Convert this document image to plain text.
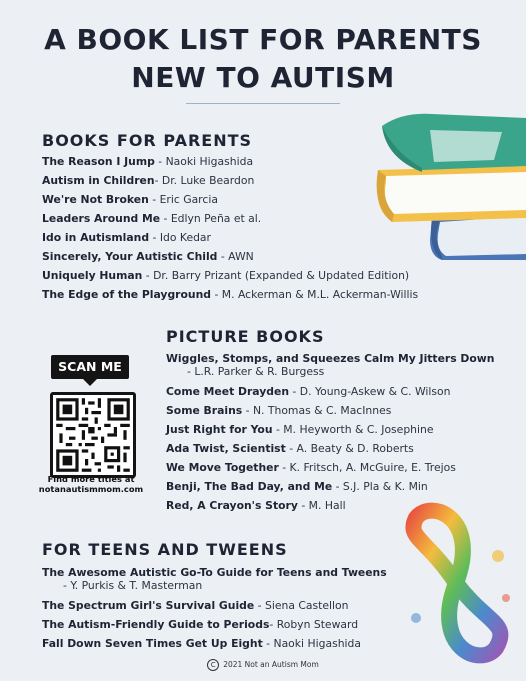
A BOOK LIST FOR PARENTS
NEW TO AUTISM
BOOKS FOR PARENTS
The Reason I Jump - Naoki Higashida
Autism in Children- Dr. Luke Beardon
We're Not Broken - Eric Garcia
Leaders Around Me - Edlyn Peña et al.
Ido in Autismland - Ido Kedar
Sincerely, Your Autistic Child - AWN
Uniquely Human - Dr. Barry Prizant (Expanded & Updated Edition)
The Edge of the Playground - M. Ackerman & M.L. Ackerman-Willis
SCAN ME
Find more titles at
notanautismmom.com
PICTURE BOOKS
Wiggles, Stomps, and Squeezes Calm My Jitters Down
- L.R. Parker & R. Burgess
Come Meet Drayden - D. Young-Askew & C. Wilson
Some Brains - N. Thomas & C. MacInnes
Just Right for You - M. Heyworth & C. Josephine
Ada Twist, Scientist - A. Beaty & D. Roberts
We Move Together - K. Fritsch, A. McGuire, E. Trejos
Benji, The Bad Day, and Me - S.J. Pla & K. Min
Red, A Crayon's Story - M. Hall
FOR TEENS AND TWEENS
The Awesome Autistic Go-To Guide for Teens and Tweens
- Y. Purkis & T. Masterman
The Spectrum Girl's Survival Guide - Siena Castellon
The Autism-Friendly Guide to Periods- Robyn Steward
Fall Down Seven Times Get Up Eight - Naoki Higashida
C 2021 Not an Autism Mom
